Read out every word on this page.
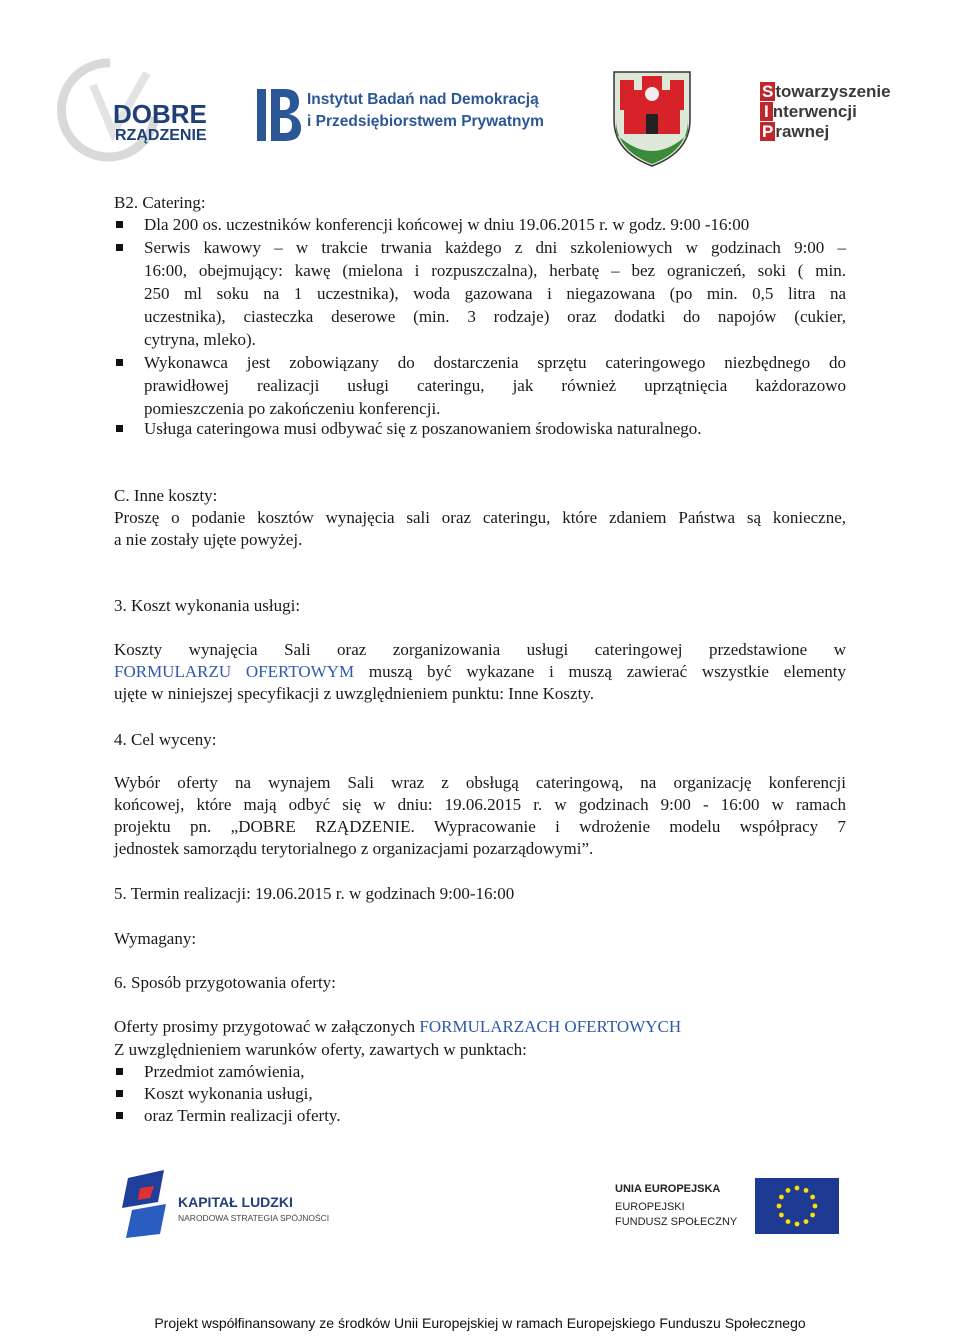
DOBRE
RZĄDZENIE
Instytut Badań nad Demokracją
i Przedsiębiorstwem Prywatnym
S towarzyszenie
I nterwencji
P rawnej
B2. Catering:
Dla 200 os. uczestników konferencji końcowej w dniu 19.06.2015 r. w godz. 9:00 -16:00
Serwis kawowy – w trakcie trwania każdego z dni szkoleniowych w godzinach 9:00 –
16:00, obejmujący: kawę (mielona i rozpuszczalna), herbatę – bez ograniczeń, soki ( min.
250 ml soku na 1 uczestnika), woda gazowana i niegazowana (po min. 0,5 litra na
uczestnika), ciasteczka deserowe (min. 3 rodzaje) oraz dodatki do napojów (cukier,
cytryna, mleko).
Wykonawca jest zobowiązany do dostarczenia sprzętu cateringowego niezbędnego do
prawidłowej realizacji usługi cateringu, jak również uprzątnięcia każdorazowo
pomieszczenia po zakończeniu konferencji.
Usługa cateringowa musi odbywać się z poszanowaniem środowiska naturalnego.
C. Inne koszty:
Proszę o podanie kosztów wynajęcia sali oraz cateringu, które zdaniem Państwa są konieczne,
a nie zostały ujęte powyżej.
3. Koszt wykonania usługi:
Koszty wynajęcia Sali oraz zorganizowania usługi cateringowej przedstawione w
FORMULARZU OFERTOWYM muszą być wykazane i muszą zawierać wszystkie elementy
ujęte w niniejszej specyfikacji z uwzględnieniem punktu: Inne Koszty.
4. Cel wyceny:
Wybór oferty na wynajem Sali wraz z obsługą cateringową, na organizację konferencji
końcowej, które mają odbyć się w dniu: 19.06.2015 r. w godzinach 9:00 - 16:00 w ramach
projektu pn. „DOBRE RZĄDZENIE. Wypracowanie i wdrożenie modelu współpracy 7
jednostek samorządu terytorialnego z organizacjami pozarządowymi”.
5. Termin realizacji: 19.06.2015 r. w godzinach 9:00-16:00
Wymagany:
6. Sposób przygotowania oferty:
Oferty prosimy przygotować w załączonych FORMULARZACH OFERTOWYCH
Z uwzględnieniem warunków oferty, zawartych w punktach:
Przedmiot zamówienia,
Koszt wykonania usługi,
oraz Termin realizacji oferty.
KAPITAŁ LUDZKI
NARODOWA STRATEGIA SPÓJNOŚCI
UNIA EUROPEJSKA
EUROPEJSKI
FUNDUSZ SPOŁECZNY
Projekt współfinansowany ze środków Unii Europejskiej w ramach Europejskiego Funduszu Społecznego
